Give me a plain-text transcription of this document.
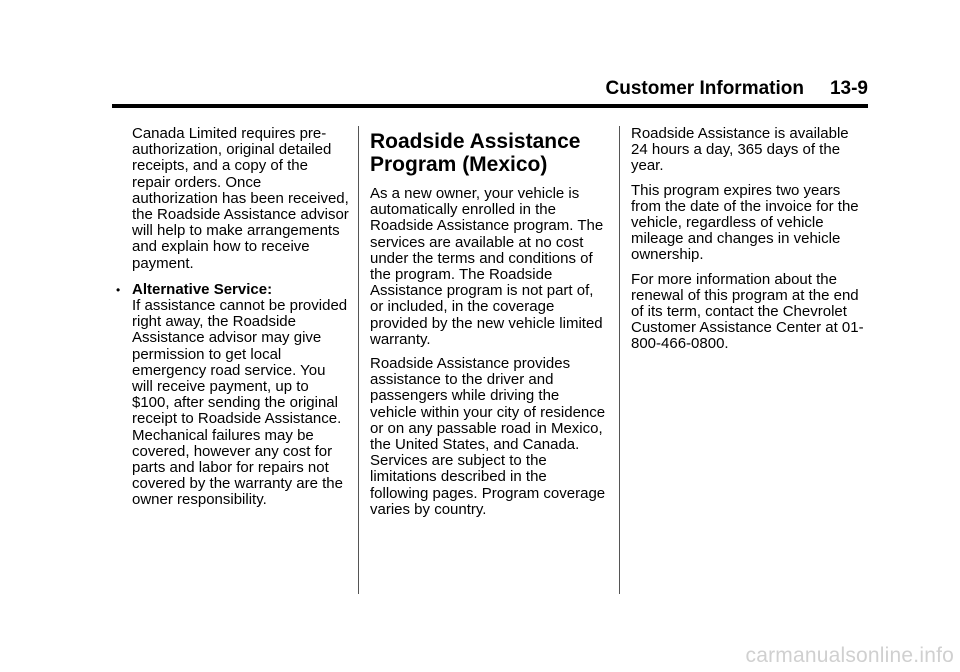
Customer Information 13-9

Canada Limited requires pre-authorization, original detailed receipts, and a copy of the repair orders. Once authorization has been received, the Roadside Assistance advisor will help to make arrangements and explain how to receive payment.

• Alternative Service:
If assistance cannot be provided right away, the Roadside Assistance advisor may give permission to get local emergency road service. You will receive payment, up to $100, after sending the original receipt to Roadside Assistance. Mechanical failures may be covered, however any cost for parts and labor for repairs not covered by the warranty are the owner responsibility.
Roadside Assistance Program (Mexico)

As a new owner, your vehicle is automatically enrolled in the Roadside Assistance program. The services are available at no cost under the terms and conditions of the program. The Roadside Assistance program is not part of, or included, in the coverage provided by the new vehicle limited warranty.

Roadside Assistance provides assistance to the driver and passengers while driving the vehicle within your city of residence or on any passable road in Mexico, the United States, and Canada. Services are subject to the limitations described in the following pages. Program coverage varies by country.

Roadside Assistance is available 24 hours a day, 365 days of the year.

This program expires two years from the date of the invoice for the vehicle, regardless of vehicle mileage and changes in vehicle ownership.

For more information about the renewal of this program at the end of its term, contact the Chevrolet Customer Assistance Center at 01-800-466-0800.

carmanualsonline.info
